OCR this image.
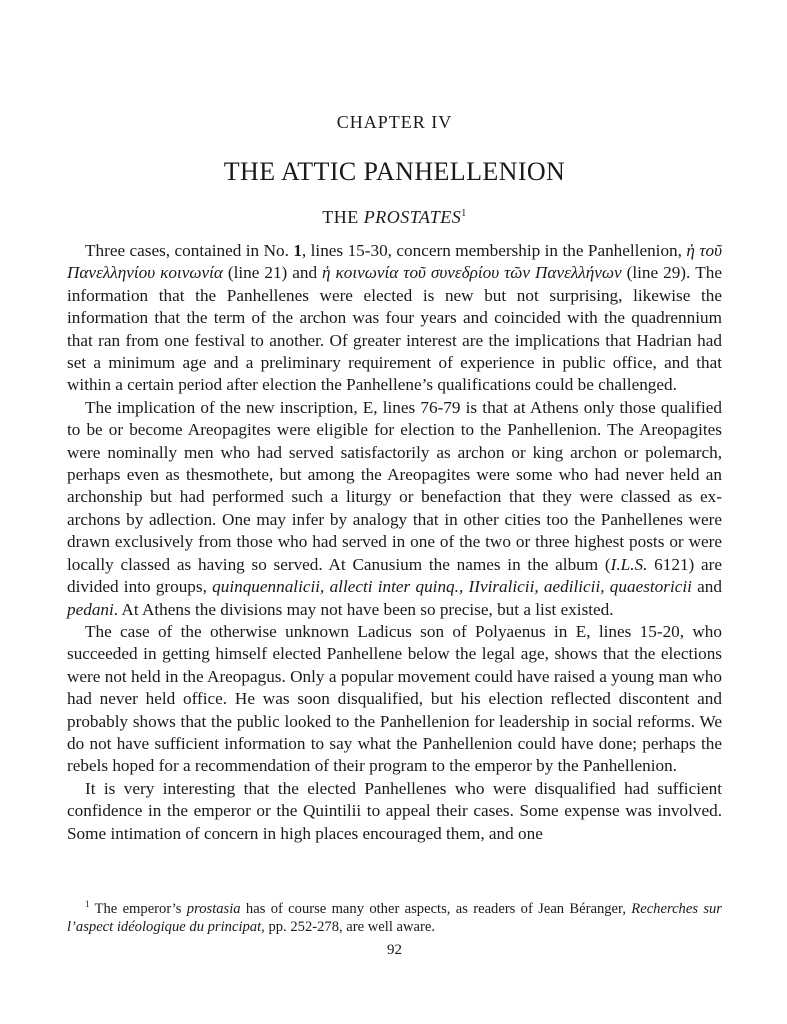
CHAPTER IV
THE ATTIC PANHELLENION
THE PROSTATES$^1$

Three cases, contained in No. 1, lines 15-30, concern membership in the Panhellenion, ἡ τοῦ Πανελληνίου κοινωνία (line 21) and ἡ κοινωνία τοῦ συνεδρίου τῶν Πανελλήνων (line 29). The information that the Panhellenes were elected is new but not surprising, likewise the information that the term of the archon was four years and coincided with the quadrennium that ran from one festival to another. Of greater interest are the implications that Hadrian had set a minimum age and a preliminary requirement of experience in public office, and that within a certain period after election the Panhellene’s qualifications could be challenged.

The implication of the new inscription, E, lines 76-79 is that at Athens only those qualified to be or become Areopagites were eligible for election to the Panhellenion. The Areopagites were nominally men who had served satisfactorily as archon or king archon or polemarch, perhaps even as thesmothete, but among the Areopagites were some who had never held an archonship but had performed such a liturgy or benefaction that they were classed as ex-archons by adlection. One may infer by analogy that in other cities too the Panhellenes were drawn exclusively from those who had served in one of the two or three highest posts or were locally classed as having so served. At Canusium the names in the album (I.L.S. 6121) are divided into groups, quinquennalicii, allecti inter quinq., IIviralicii, aedilicii, quaestoricii and pedani. At Athens the divisions may not have been so precise, but a list existed.

The case of the otherwise unknown Ladicus son of Polyaenus in E, lines 15-20, who succeeded in getting himself elected Panhellene below the legal age, shows that the elections were not held in the Areopagus. Only a popular movement could have raised a young man who had never held office. He was soon disqualified, but his election reflected discontent and probably shows that the public looked to the Panhellenion for leadership in social reforms. We do not have sufficient information to say what the Panhellenion could have done; perhaps the rebels hoped for a recommendation of their program to the emperor by the Panhellenion.

It is very interesting that the elected Panhellenes who were disqualified had sufficient confidence in the emperor or the Quintilii to appeal their cases. Some expense was involved. Some intimation of concern in high places encouraged them, and one

$^1$ The emperor’s prostasia has of course many other aspects, as readers of Jean Béranger, Recherches sur l’aspect idéologique du principat, pp. 252-278, are well aware.

92
